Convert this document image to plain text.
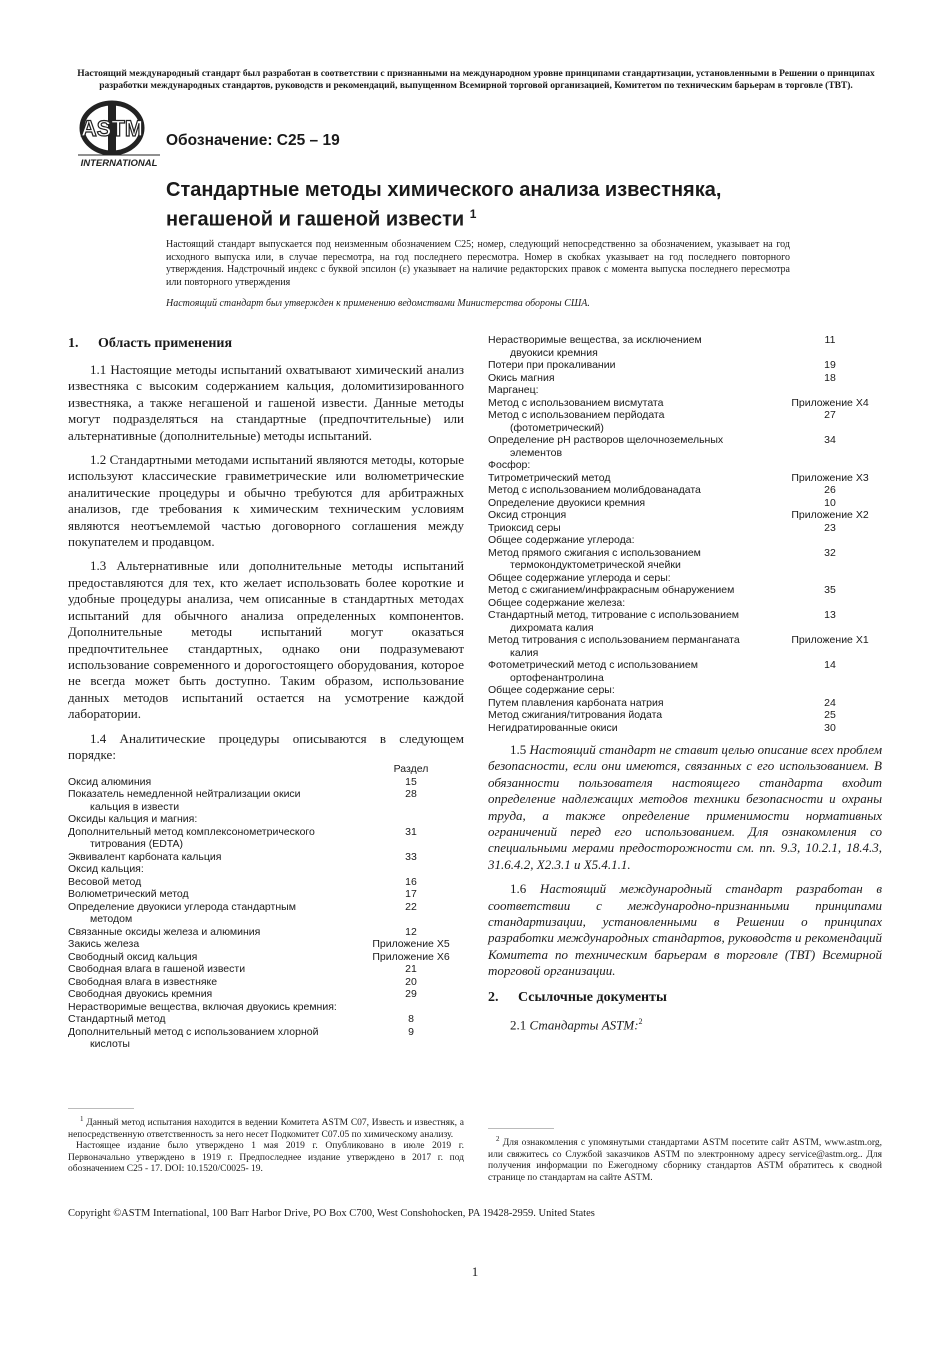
Настоящий международный стандарт был разработан в соответствии с признанными на международном уровне принципами стандартизации, установленными в Решении о принципах разработки международных стандартов, руководств и рекомендаций, выпущенном Всемирной торговой организацией, Комитетом по техническим барьерам в торговле (ТВТ).
ASTM
INTERNATIONAL
Обозначение: C25 – 19
Стандартные методы химического анализа известняка,
негашеной и гашеной извести $^1$
Настоящий стандарт выпускается под неизменным обозначением C25; номер, следующий непосредственно за обозначением, указывает на год исходного выпуска или, в случае пересмотра, на год последнего пересмотра. Номер в скобках указывает на год последнего повторного утверждения. Надстрочный индекс с буквой эпсилон (ε) указывает на наличие редакторских правок с момента выпуска последнего пересмотра или повторного утверждения
Настоящий стандарт был утвержден к применению ведомствами Министерства обороны США.
1. Область применения

1.1 Настоящие методы испытаний охватывают химический анализ известняка с высоким содержанием кальция, доломитизированного известняка, а также негашеной и гашеной извести. Данные методы могут подразделяться на стандартные (предпочтительные) или альтернативные (дополнительные) методы испытаний.

1.2 Стандартными методами испытаний являются методы, которые используют классические гравиметрические или волюметрические аналитические процедуры и обычно требуются для арбитражных анализов, где требования к химическим техническим условиям являются неотъемлемой частью договорного соглашения между покупателем и продавцом.

1.3 Альтернативные или дополнительные методы испытаний предоставляются для тех, кто желает использовать более короткие и удобные процедуры анализа, чем описанные в стандартных методах испытаний для обычного анализа определенных компонентов. Дополнительные методы испытаний могут оказаться предпочтительнее стандартных, однако они подразумевают использование современного и дорогостоящего оборудования, которое не всегда может быть доступно. Таким образом, использование данных методов испытаний остается на усмотрение каждой лаборатории.

1.4 Аналитические процедуры описываются в следующем порядке:

	Раздел
Оксид алюминия	15
Показатель немедленной нейтрализации окиси
кальция в извести	28
Оксиды кальция и магния:	
Дополнительный метод комплексонометрического
титрования (EDTA)	31
Эквивалент карбоната кальция	33
Оксид кальция:	
Весовой метод	16
Волюметрический метод	17
Определение двуокиси углерода стандартным
методом	22
Связанные оксиды железа и алюминия	12
Закись железа	Приложение X5
Свободный оксид кальция	Приложение X6
Свободная влага в гашеной извести	21
Свободная влага в известняке	20
Свободная двуокись кремния	29
Нерастворимые вещества, включая двуокись кремния:	
Стандартный метод	8
Дополнительный метод с использованием хлорной
кислоты	9
Нерастворимые вещества, за исключением
двуокиси кремния	11
Потери при прокаливании	19
Окись магния	18
Марганец:	
Метод с использованием висмутата	Приложение X4
Метод с использованием перйодата
(фотометрический)	27
Определение pH растворов щелочноземельных
элементов	34
Фосфор:	
Титрометрический метод	Приложение X3
Метод с использованием молибдованадата	26
Определение двуокиси кремния	10
Оксид стронция	Приложение X2
Триоксид серы	23
Общее содержание углерода:	
Метод прямого сжигания с использованием
термокондуктометрической ячейки	32
Общее содержание углерода и серы:	
Метод с сжиганием/инфракрасным обнаружением	35
Общее содержание железа:	
Стандартный метод, титрование с использованием
дихромата калия	13
Метод титрования с использованием перманганата
калия	Приложение X1
Фотометрический метод с использованием
ортофенантролина	14
Общее содержание серы:	
Путем плавления карбоната натрия	24
Метод сжигания/титрования йодата	25
Негидратированные окиси	30

1.5 Настоящий стандарт не ставит целью описание всех проблем безопасности, если они имеются, связанных с его использованием. В обязанности пользователя настоящего стандарта входит определение надлежащих методов техники безопасности и охраны труда, а также определение применимости нормативных ограничений перед его использованием. Для ознакомления со специальными мерами предосторожности см. пп. 9.3, 10.2.1, 18.4.3, 31.6.4.2, X2.3.1 и X5.4.1.1.

1.6 Настоящий международный стандарт разработан в соответствии с международно-признанными принципами стандартизации, установленными в Решении о принципах разработки международных стандартов, руководств и рекомендаций Комитета по техническим барьерам в торговле (ТВТ) Всемирной торговой организации.

2. Ссылочные документы

2.1 Стандарты ASTM:$^2$

$^1$ Данный метод испытания находится в ведении Комитета ASTM C07, Известь и известняк, а непосредственную ответственность за него несет Подкомитет C07.05 по химическому анализу.
Настоящее издание было утверждено 1 мая 2019 г. Опубликовано в июле 2019 г. Первоначально утверждено в 1919 г. Предпоследнее издание утверждено в 2017 г. под обозначением C25 - 17. DOI: 10.1520/C0025- 19.
$^2$ Для ознакомления с упомянутыми стандартами ASTM посетите сайт ASTM, www.astm.org, или свяжитесь со Службой заказчиков ASTM по электронному адресу service@astm.org.. Для получения информации по Ежегодному сборнику стандартов ASTM обратитесь к сводной странице по стандартам на сайте ASTM.
Copyright ©ASTM International, 100 Barr Harbor Drive, PO Box C700, West Conshohocken, PA 19428-2959. United States
1
